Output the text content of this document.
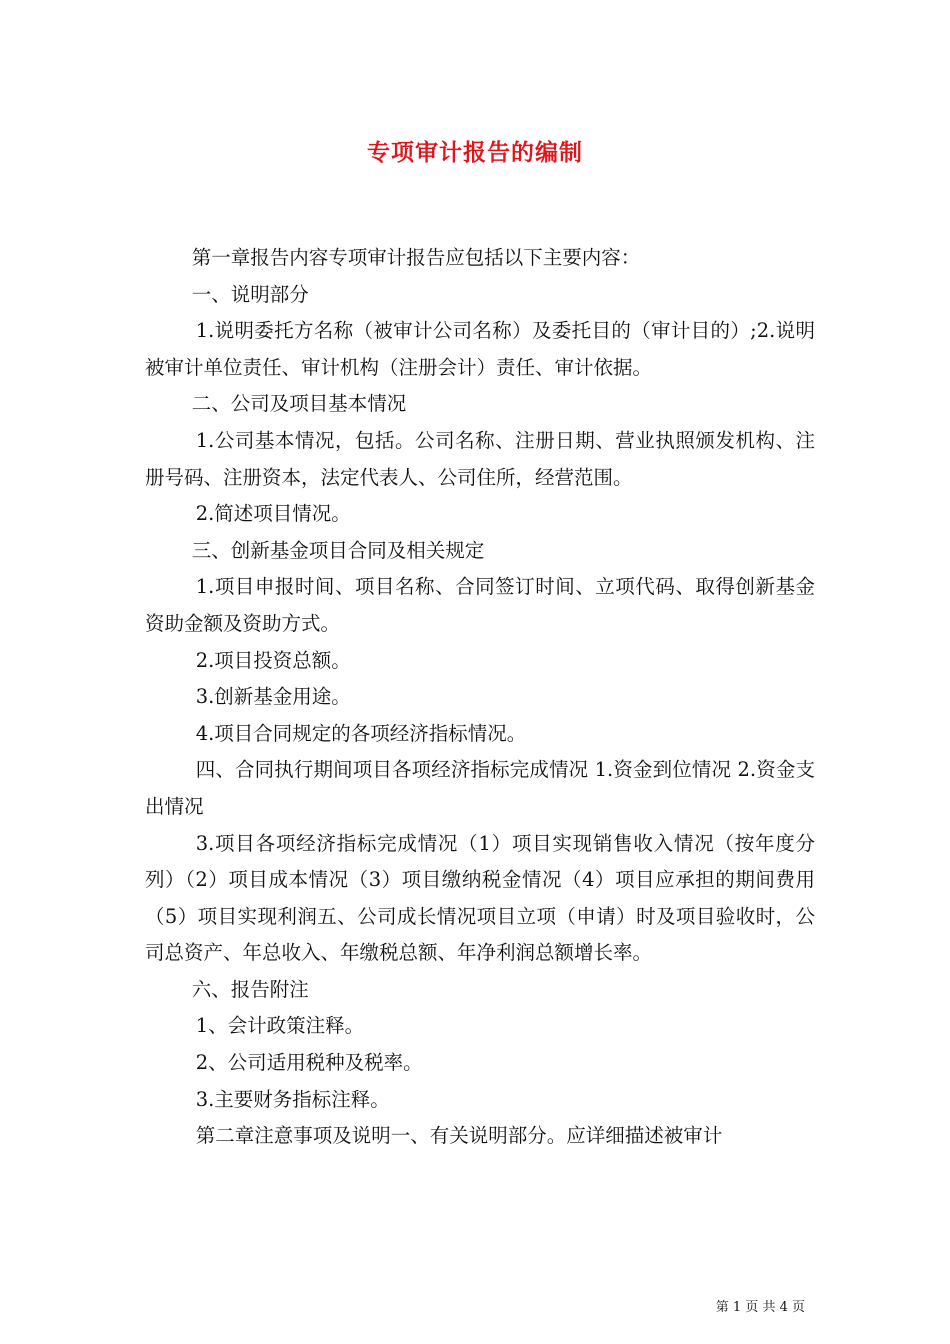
专项审计报告的编制

第一章报告内容专项审计报告应包括以下主要内容：

一、说明部分

1.说明委托方名称（被审计公司名称）及委托目的（审计目的）;2.说明被审计单位责任、审计机构（注册会计）责任、审计依据。

二、公司及项目基本情况

1.公司基本情况，包括。公司名称、注册日期、营业执照颁发机构、注册号码、注册资本，法定代表人、公司住所，经营范围。

2.简述项目情况。

三、创新基金项目合同及相关规定

1.项目申报时间、项目名称、合同签订时间、立项代码、取得创新基金资助金额及资助方式。

2.项目投资总额。

3.创新基金用途。

4.项目合同规定的各项经济指标情况。

四、合同执行期间项目各项经济指标完成情况 1.资金到位情况 2.资金支出情况

3.项目各项经济指标完成情况（1）项目实现销售收入情况（按年度分列）（2）项目成本情况（3）项目缴纳税金情况（4）项目应承担的期间费用（5）项目实现利润五、公司成长情况项目立项（申请）时及项目验收时，公司总资产、年总收入、年缴税总额、年净利润总额增长率。

六、报告附注

1、会计政策注释。

2、公司适用税种及税率。

3.主要财务指标注释。

第二章注意事项及说明一、有关说明部分。应详细描述被审计

第 1 页 共 4 页
